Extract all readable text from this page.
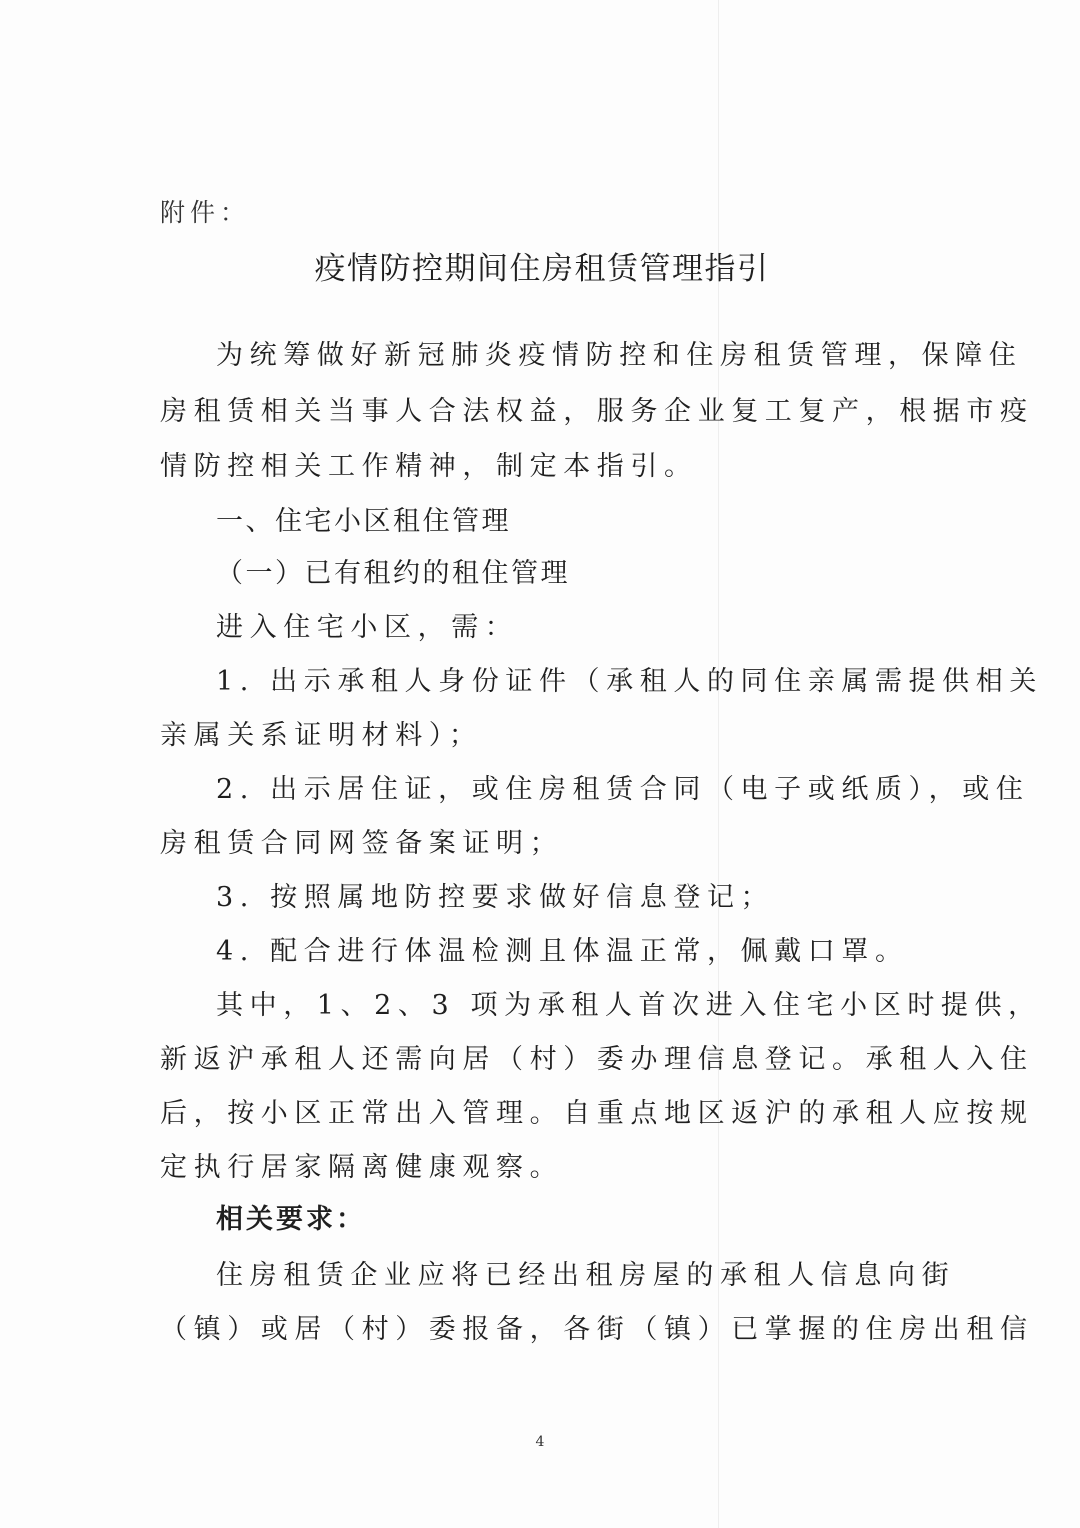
附件：

疫情防控期间住房租赁管理指引

为统筹做好新冠肺炎疫情防控和住房租赁管理，保障住

房租赁相关当事人合法权益，服务企业复工复产，根据市疫

情防控相关工作精神，制定本指引。

一、住宅小区租住管理

（一）已有租约的租住管理

进入住宅小区，需：

1. 出示承租人身份证件（承租人的同住亲属需提供相关

亲属关系证明材料）；

2. 出示居住证，或住房租赁合同（电子或纸质），或住

房租赁合同网签备案证明；

3. 按照属地防控要求做好信息登记；

4. 配合进行体温检测且体温正常，佩戴口罩。

其中，1、2、3 项为承租人首次进入住宅小区时提供，

新返沪承租人还需向居（村）委办理信息登记。承租人入住

后，按小区正常出入管理。自重点地区返沪的承租人应按规

定执行居家隔离健康观察。

相关要求：

住房租赁企业应将已经出租房屋的承租人信息向街

（镇）或居（村）委报备，各街（镇）已掌握的住房出租信

4
